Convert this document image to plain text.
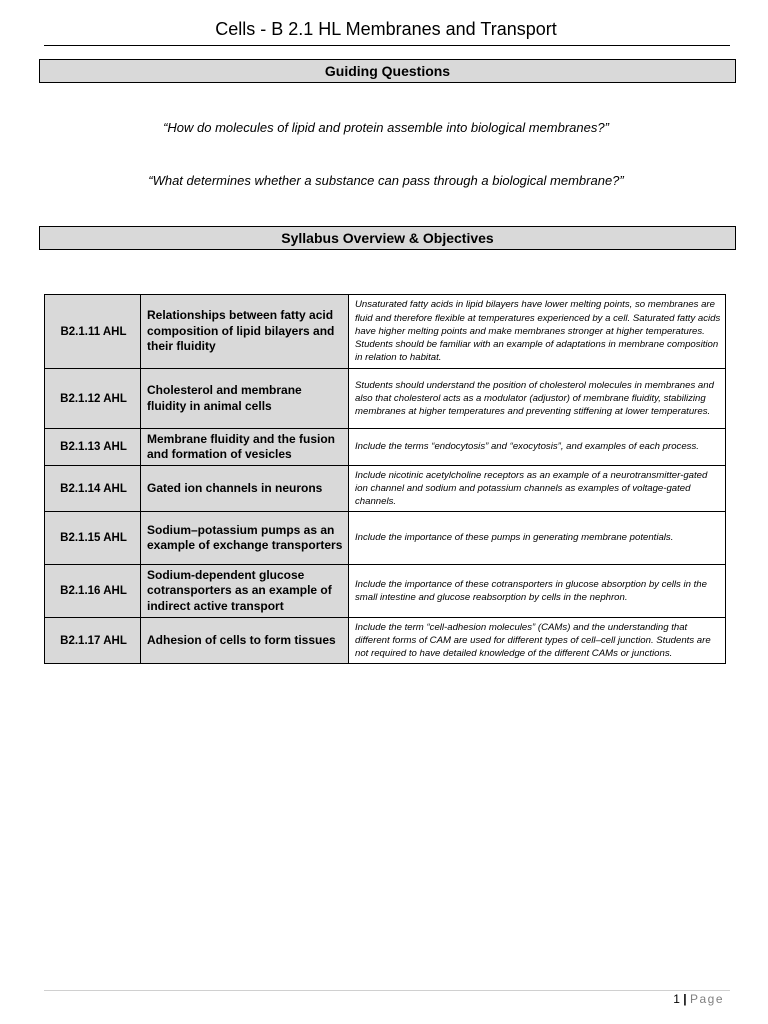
Cells - B 2.1 HL Membranes and Transport
Guiding Questions
“How do molecules of lipid and protein assemble into biological membranes?”
“What determines whether a substance can pass through a biological membrane?”
Syllabus Overview & Objectives
B2.1.11 AHL	Relationships between fatty acid composition of lipid bilayers and their fluidity	Unsaturated fatty acids in lipid bilayers have lower melting points, so membranes are fluid and therefore flexible at temperatures experienced by a cell. Saturated fatty acids have higher melting points and make membranes stronger at higher temperatures. Students should be familiar with an example of adaptations in membrane composition in relation to habitat.
B2.1.12 AHL	Cholesterol and membrane fluidity in animal cells	Students should understand the position of cholesterol molecules in membranes and also that cholesterol acts as a modulator (adjustor) of membrane fluidity, stabilizing membranes at higher temperatures and preventing stiffening at lower temperatures.
B2.1.13 AHL	Membrane fluidity and the fusion and formation of vesicles	Include the terms “endocytosis” and “exocytosis”, and examples of each process.
B2.1.14 AHL	Gated ion channels in neurons	Include nicotinic acetylcholine receptors as an example of a neurotransmitter-gated ion channel and sodium and potassium channels as examples of voltage-gated channels.
B2.1.15 AHL	Sodium–potassium pumps as an example of exchange transporters	Include the importance of these pumps in generating membrane potentials.
B2.1.16 AHL	Sodium-dependent glucose cotransporters as an example of indirect active transport	Include the importance of these cotransporters in glucose absorption by cells in the small intestine and glucose reabsorption by cells in the nephron.
B2.1.17 AHL	Adhesion of cells to form tissues	Include the term “cell-adhesion molecules” (CAMs) and the understanding that different forms of CAM are used for different types of cell–cell junction. Students are not required to have detailed knowledge of the different CAMs or junctions.
1 | Page
